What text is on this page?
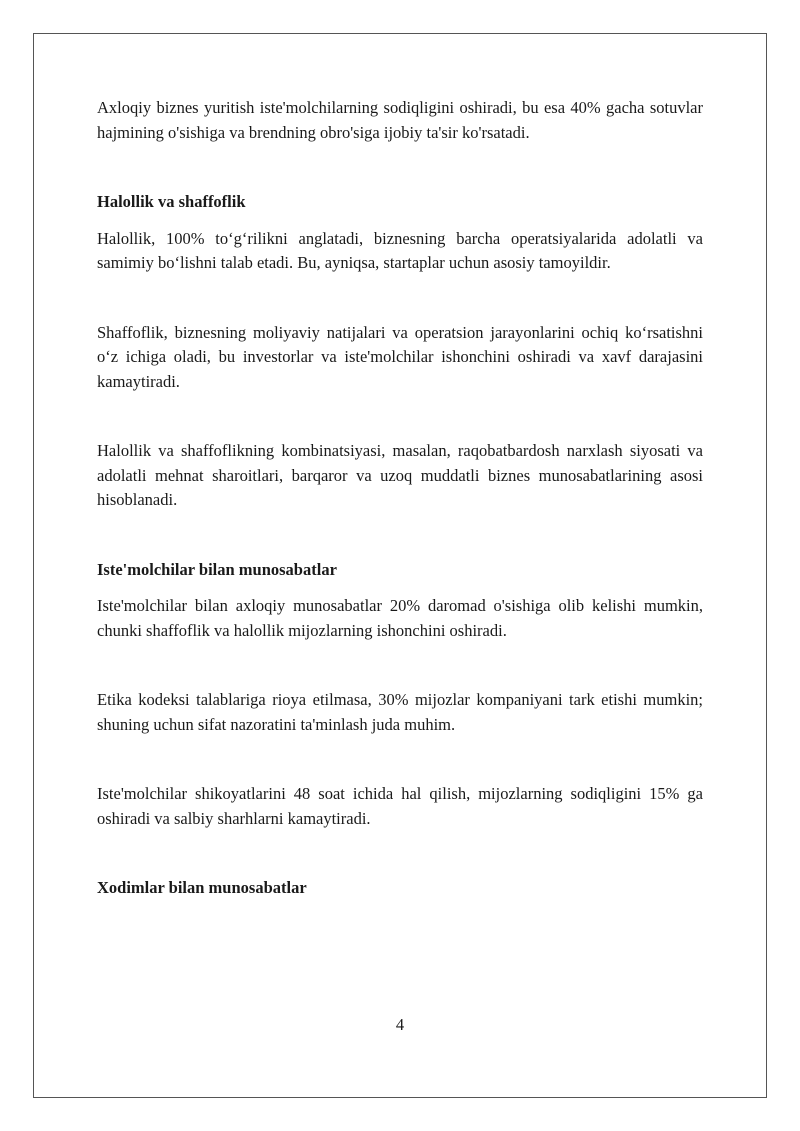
Axloqiy biznes yuritish iste'molchilarning sodiqligini oshiradi, bu esa 40% gacha sotuvlar hajmining o'sishiga va brendning obro'siga ijobiy ta'sir ko'rsatadi.

Halollik va shaffoflik

Halollik, 100% to‘g‘rilikni anglatadi, biznesning barcha operatsiyalarida adolatli va samimiy bo‘lishni talab etadi. Bu, ayniqsa, startaplar uchun asosiy tamoyildir.

Shaffoflik, biznesning moliyaviy natijalari va operatsion jarayonlarini ochiq ko‘rsatishni o‘z ichiga oladi, bu investorlar va iste'molchilar ishonchini oshiradi va xavf darajasini kamaytiradi.

Halollik va shaffoflikning kombinatsiyasi, masalan, raqobatbardosh narxlash siyosati va adolatli mehnat sharoitlari, barqaror va uzoq muddatli biznes munosabatlarining asosi hisoblanadi.

Iste'molchilar bilan munosabatlar

Iste'molchilar bilan axloqiy munosabatlar 20% daromad o'sishiga olib kelishi mumkin, chunki shaffoflik va halollik mijozlarning ishonchini oshiradi.

Etika kodeksi talablariga rioya etilmasa, 30% mijozlar kompaniyani tark etishi mumkin; shuning uchun sifat nazoratini ta'minlash juda muhim.

Iste'molchilar shikoyatlarini 48 soat ichida hal qilish, mijozlarning sodiqligini 15% ga oshiradi va salbiy sharhlarni kamaytiradi.

Xodimlar bilan munosabatlar
4
